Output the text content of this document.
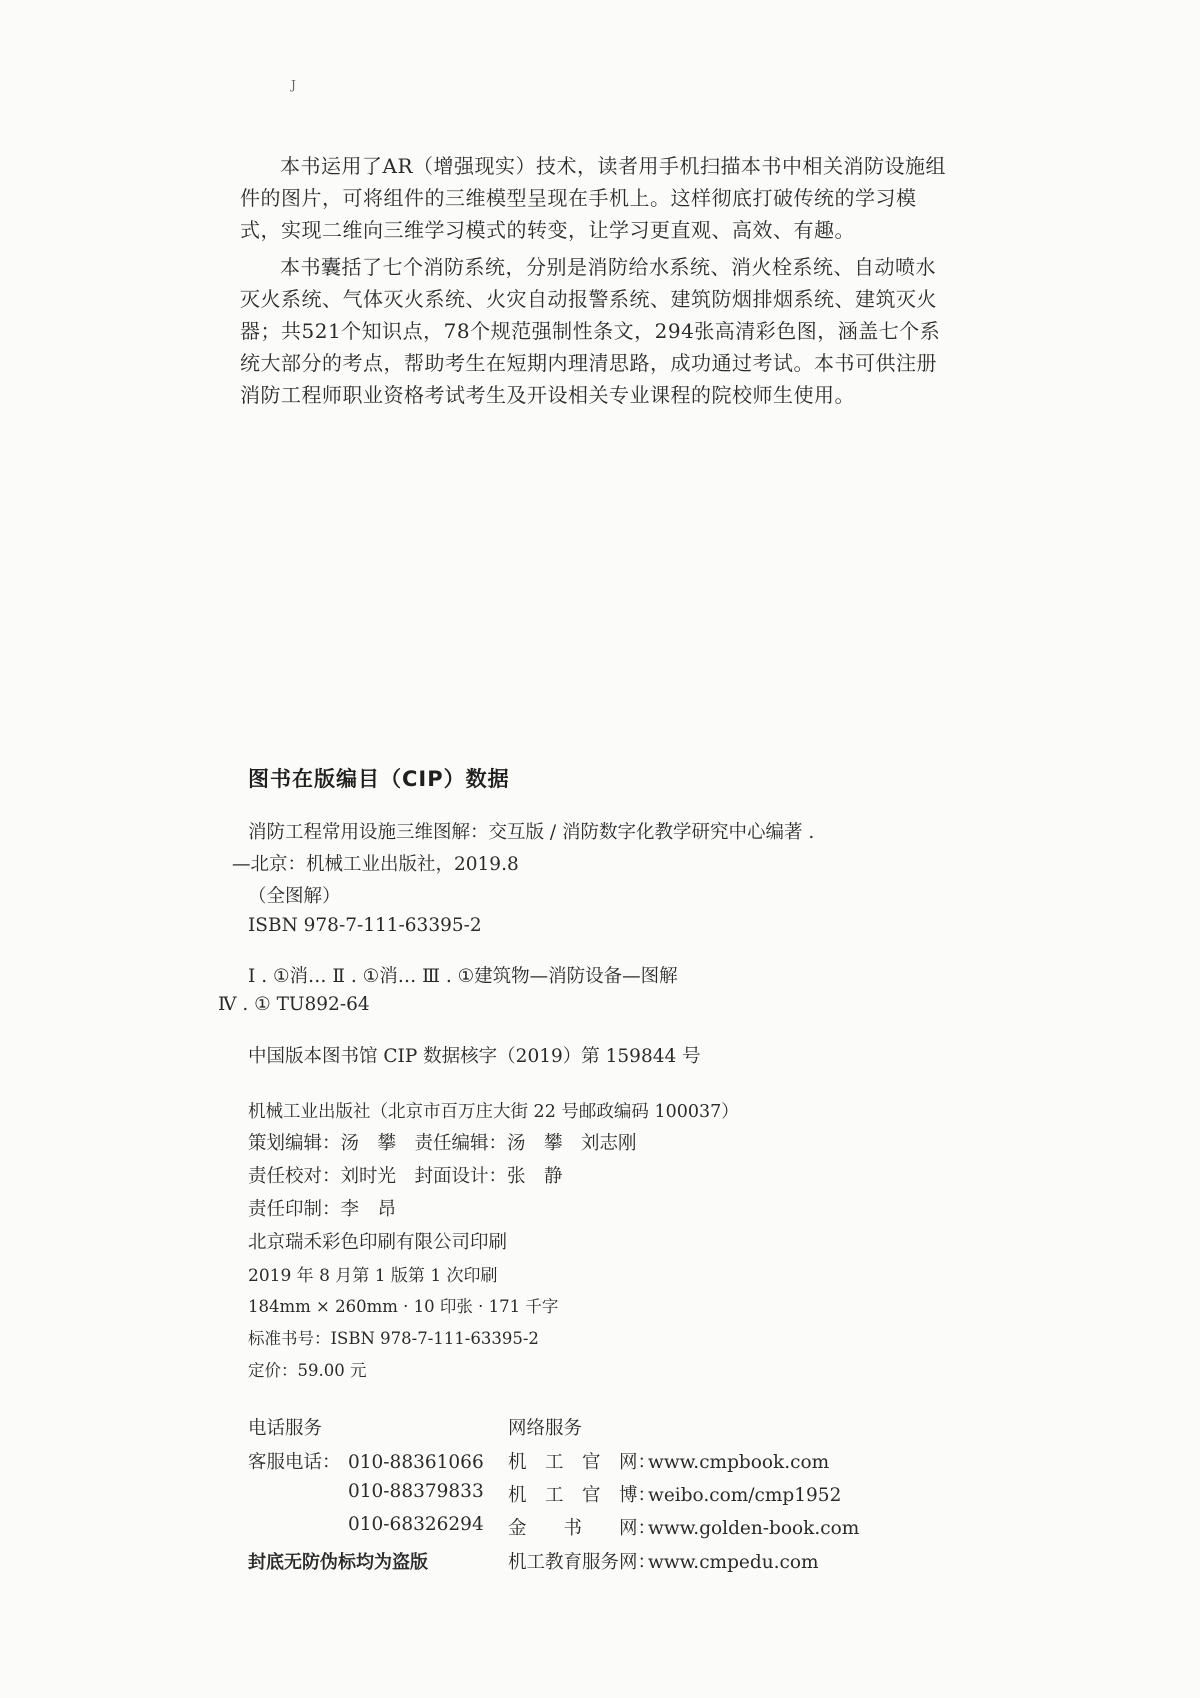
J

本书运用了AR（增强现实）技术，读者用手机扫描本书中相关消防设施组件的图片，可将组件的三维模型呈现在手机上。这样彻底打破传统的学习模式，实现二维向三维学习模式的转变，让学习更直观、高效、有趣。

本书囊括了七个消防系统，分别是消防给水系统、消火栓系统、自动喷水灭火系统、气体灭火系统、火灾自动报警系统、建筑防烟排烟系统、建筑灭火器；共521个知识点，78个规范强制性条文，294张高清彩色图，涵盖七个系统大部分的考点，帮助考生在短期内理清思路，成功通过考试。本书可供注册消防工程师职业资格考试考生及开设相关专业课程的院校师生使用。

图书在版编目（CIP）数据
消防工程常用设施三维图解：交互版 / 消防数字化教学研究中心编著 .
—北京：机械工业出版社，2019.8
（全图解）
ISBN 978-7-111-63395-2
Ⅰ . ①消… Ⅱ . ①消… Ⅲ . ①建筑物—消防设备—图解
Ⅳ . ① TU892-64
中国版本图书馆 CIP 数据核字（2019）第 159844 号
机械工业出版社（北京市百万庄大街 22 号邮政编码 100037）
策划编辑：汤　攀　责任编辑：汤　攀　刘志刚
责任校对：刘时光　封面设计：张　静
责任印制：李　昂
北京瑞禾彩色印刷有限公司印刷
2019 年 8 月第 1 版第 1 次印刷
184mm × 260mm · 10 印张 · 171 千字
标准书号：ISBN 978-7-111-63395-2
定价：59.00 元
电话服务	网络服务
客服电话： 010-88361066
010-88379833
010-68326294
封底无防伪标均为盗版
机　工　官　网：www.cmpbook.com
机　工　官　博：weibo.com/cmp1952
金　　书　　网：www.golden-book.com
机工教育服务网：www.cmpedu.com
